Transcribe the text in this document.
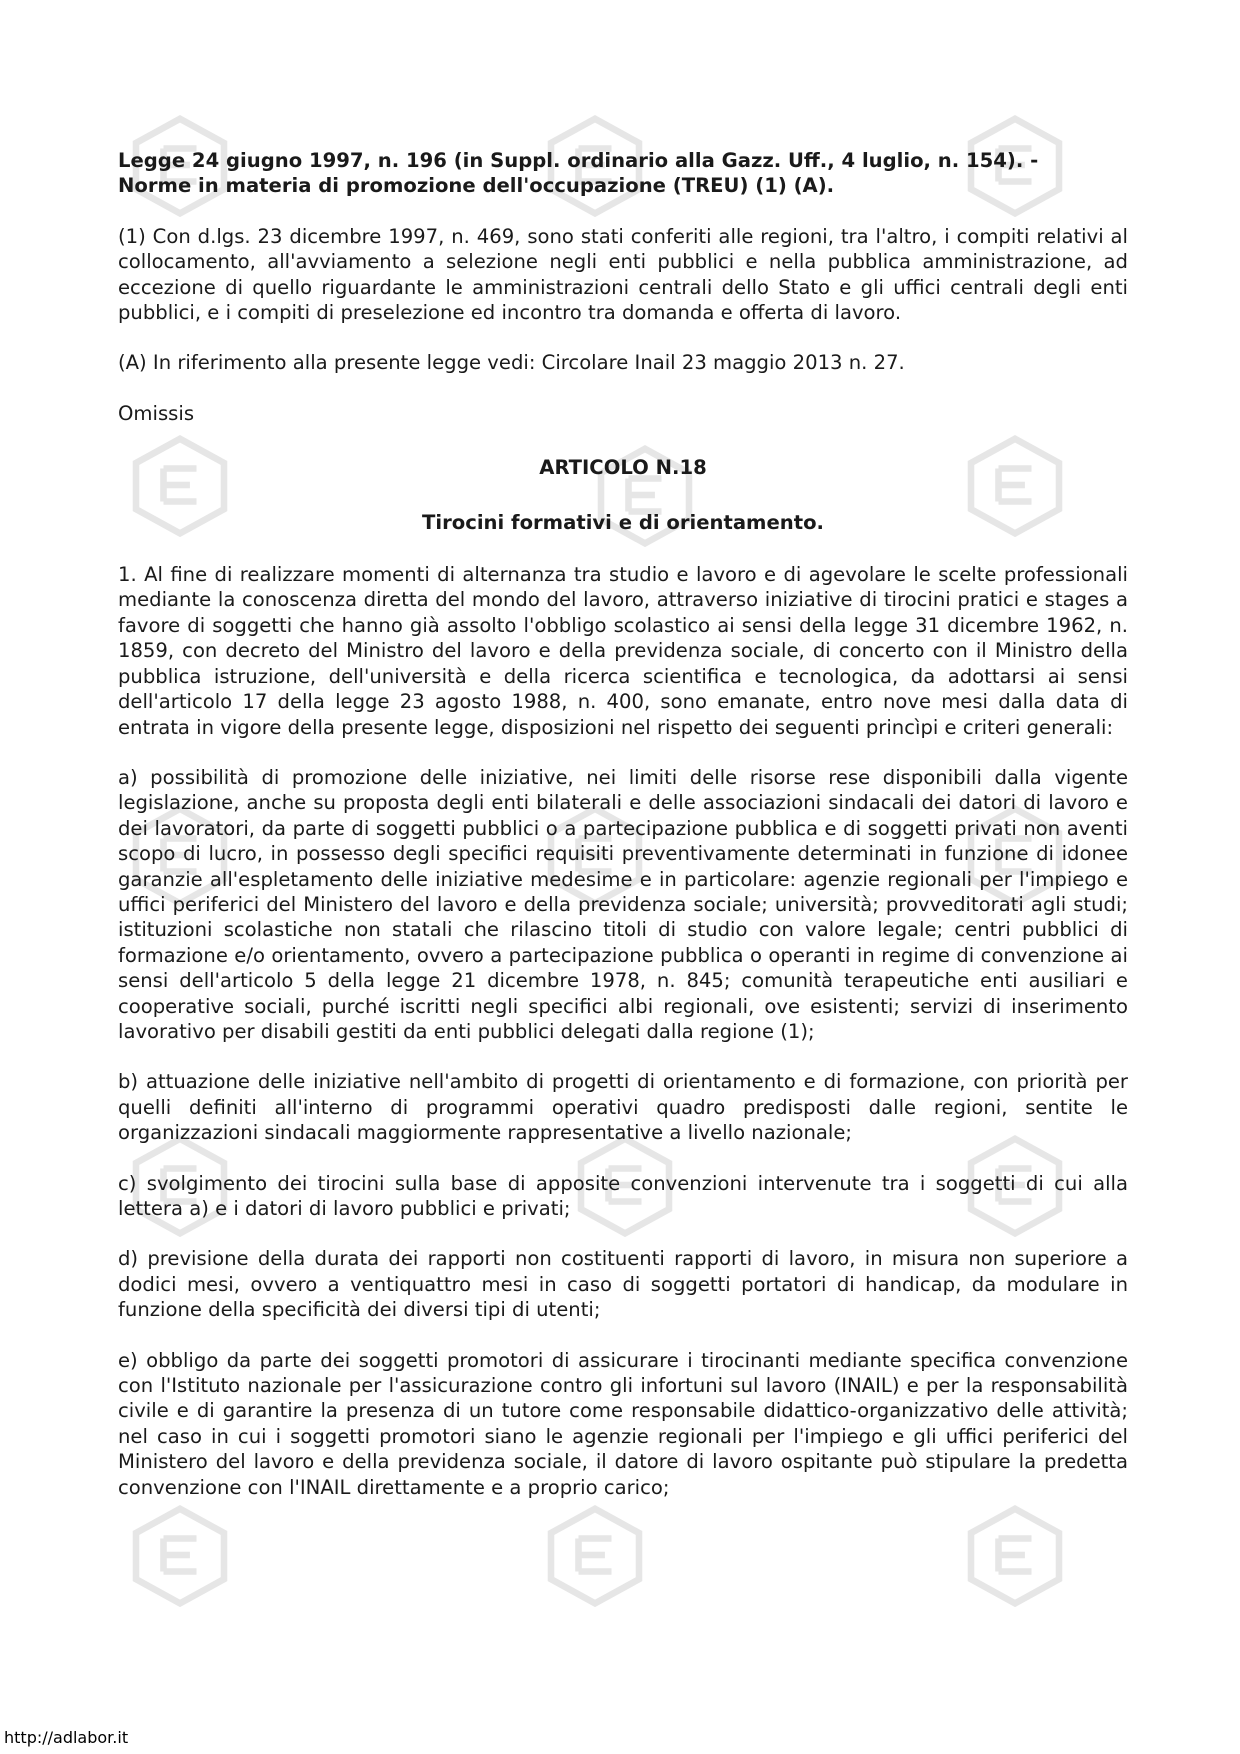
Legge 24 giugno 1997, n. 196 (in Suppl. ordinario alla Gazz. Uff., 4 luglio, n. 154). -
Norme in materia di promozione dell'occupazione (TREU) (1) (A).

(1) Con d.lgs. 23 dicembre 1997, n. 469, sono stati conferiti alle regioni, tra l'altro, i compiti relativi al collocamento, all'avviamento a selezione negli enti pubblici e nella pubblica amministrazione, ad eccezione di quello riguardante le amministrazioni centrali dello Stato e gli uffici centrali degli enti pubblici, e i compiti di preselezione ed incontro tra domanda e offerta di lavoro.

(A) In riferimento alla presente legge vedi: Circolare Inail 23 maggio 2013 n. 27.

Omissis

ARTICOLO N.18
Tirocini formativi e di orientamento.

1. Al fine di realizzare momenti di alternanza tra studio e lavoro e di agevolare le scelte professionali mediante la conoscenza diretta del mondo del lavoro, attraverso iniziative di tirocini pratici e stages a favore di soggetti che hanno già assolto l'obbligo scolastico ai sensi della legge 31 dicembre 1962, n. 1859, con decreto del Ministro del lavoro e della previdenza sociale, di concerto con il Ministro della pubblica istruzione, dell'università e della ricerca scientifica e tecnologica, da adottarsi ai sensi dell'articolo 17 della legge 23 agosto 1988, n. 400, sono emanate, entro nove mesi dalla data di entrata in vigore della presente legge, disposizioni nel rispetto dei seguenti princìpi e criteri generali:

a) possibilità di promozione delle iniziative, nei limiti delle risorse rese disponibili dalla vigente legislazione, anche su proposta degli enti bilaterali e delle associazioni sindacali dei datori di lavoro e dei lavoratori, da parte di soggetti pubblici o a partecipazione pubblica e di soggetti privati non aventi scopo di lucro, in possesso degli specifici requisiti preventivamente determinati in funzione di idonee garanzie all'espletamento delle iniziative medesime e in particolare: agenzie regionali per l'impiego e uffici periferici del Ministero del lavoro e della previdenza sociale; università; provveditorati agli studi; istituzioni scolastiche non statali che rilascino titoli di studio con valore legale; centri pubblici di formazione e/o orientamento, ovvero a partecipazione pubblica o operanti in regime di convenzione ai sensi dell'articolo 5 della legge 21 dicembre 1978, n. 845; comunità terapeutiche enti ausiliari e cooperative sociali, purché iscritti negli specifici albi regionali, ove esistenti; servizi di inserimento lavorativo per disabili gestiti da enti pubblici delegati dalla regione (1);

b) attuazione delle iniziative nell'ambito di progetti di orientamento e di formazione, con priorità per quelli definiti all'interno di programmi operativi quadro predisposti dalle regioni, sentite le organizzazioni sindacali maggiormente rappresentative a livello nazionale;

c) svolgimento dei tirocini sulla base di apposite convenzioni intervenute tra i soggetti di cui alla lettera a) e i datori di lavoro pubblici e privati;

d) previsione della durata dei rapporti non costituenti rapporti di lavoro, in misura non superiore a dodici mesi, ovvero a ventiquattro mesi in caso di soggetti portatori di handicap, da modulare in funzione della specificità dei diversi tipi di utenti;

e) obbligo da parte dei soggetti promotori di assicurare i tirocinanti mediante specifica convenzione con l'Istituto nazionale per l'assicurazione contro gli infortuni sul lavoro (INAIL) e per la responsabilità civile e di garantire la presenza di un tutore come responsabile didattico-organizzativo delle attività; nel caso in cui i soggetti promotori siano le agenzie regionali per l'impiego e gli uffici periferici del Ministero del lavoro e della previdenza sociale, il datore di lavoro ospitante può stipulare la predetta convenzione con l'INAIL direttamente e a proprio carico;

http://adlabor.it
